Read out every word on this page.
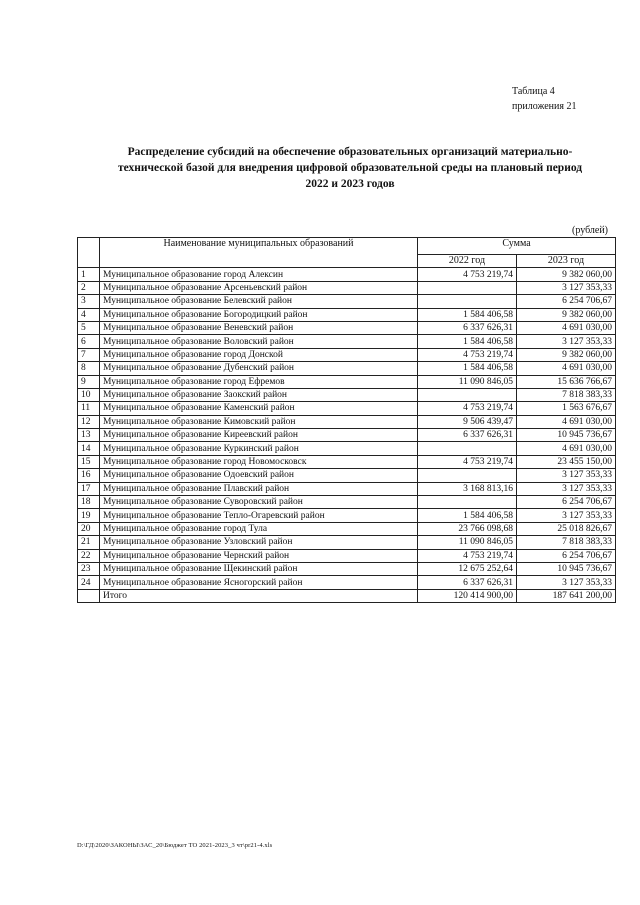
Таблица 4
приложения 21
Распределение субсидий на обеспечение образовательных организаций материально-
технической базой для внедрения цифровой образовательной среды на плановый период
2022 и 2023 годов
(рублей)
	Наименование муниципальных образований	Сумма	
		2022 год	2023 год
1	Муниципальное образование город Алексин	4 753 219,74	9 382 060,00
2	Муниципальное образование Арсеньевский район		3 127 353,33
3	Муниципальное образование Белевский район		6 254 706,67
4	Муниципальное образование Богородицкий район	1 584 406,58	9 382 060,00
5	Муниципальное образование Веневский район	6 337 626,31	4 691 030,00
6	Муниципальное образование Воловский район	1 584 406,58	3 127 353,33
7	Муниципальное образование город Донской	4 753 219,74	9 382 060,00
8	Муниципальное образование Дубенский район	1 584 406,58	4 691 030,00
9	Муниципальное образование город Ефремов	11 090 846,05	15 636 766,67
10	Муниципальное образование Заокский район		7 818 383,33
11	Муниципальное образование Каменский район	4 753 219,74	1 563 676,67
12	Муниципальное образование Кимовский район	9 506 439,47	4 691 030,00
13	Муниципальное образование Киреевский район	6 337 626,31	10 945 736,67
14	Муниципальное образование Куркинский район		4 691 030,00
15	Муниципальное образование город Новомосковск	4 753 219,74	23 455 150,00
16	Муниципальное образование Одоевский район		3 127 353,33
17	Муниципальное образование Плавский район	3 168 813,16	3 127 353,33
18	Муниципальное образование Суворовский район		6 254 706,67
19	Муниципальное образование Тепло-Огаревский район	1 584 406,58	3 127 353,33
20	Муниципальное образование город Тула	23 766 098,68	25 018 826,67
21	Муниципальное образование Узловский район	11 090 846,05	7 818 383,33
22	Муниципальное образование Чернский район	4 753 219,74	6 254 706,67
23	Муниципальное образование Щекинский район	12 675 252,64	10 945 736,67
24	Муниципальное образование Ясногорский район	6 337 626,31	3 127 353,33
	Итого	120 414 900,00	187 641 200,00
D:\ГД\2020\ЗАКОНЫ\ЗАС_20\Бюджет ТО 2021-2023_3 чт\pr21-4.xls
